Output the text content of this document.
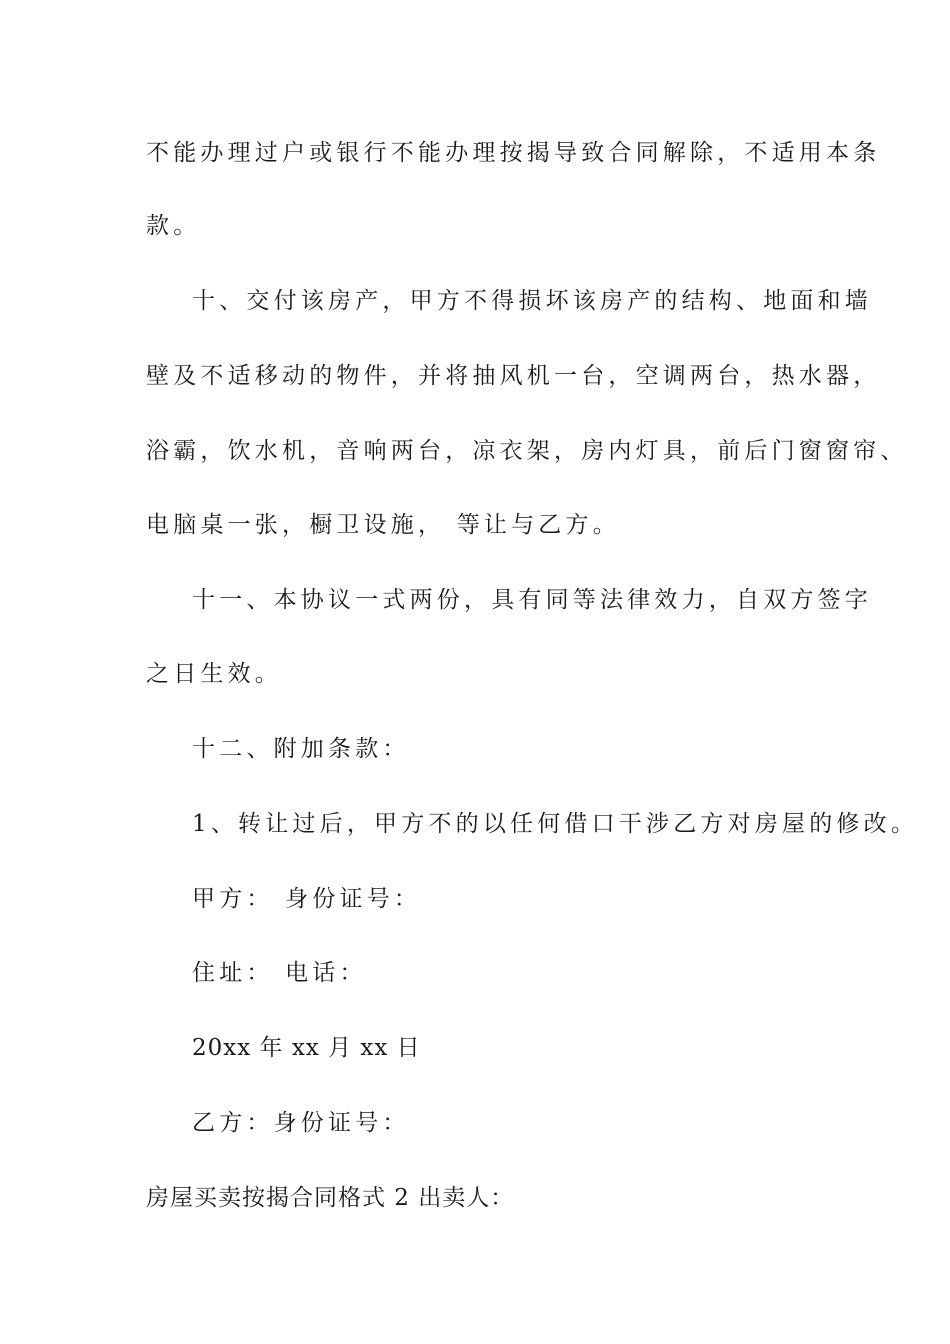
不能办理过户或银行不能办理按揭导致合同解除，不适用本条
款。
十、交付该房产，甲方不得损坏该房产的结构、地面和墙
壁及不适移动的物件，并将抽风机一台，空调两台，热水器，
浴霸，饮水机，音响两台，凉衣架，房内灯具，前后门窗窗帘、
电脑桌一张，橱卫设施， 等让与乙方。
十一、本协议一式两份，具有同等法律效力，自双方签字
之日生效。
十二、附加条款：
1、转让过后，甲方不的以任何借口干涉乙方对房屋的修改。
甲方： 身份证号：
住址： 电话：
20xx 年 xx 月 xx 日
乙方：身份证号：
房屋买卖按揭合同格式 2 出卖人：
